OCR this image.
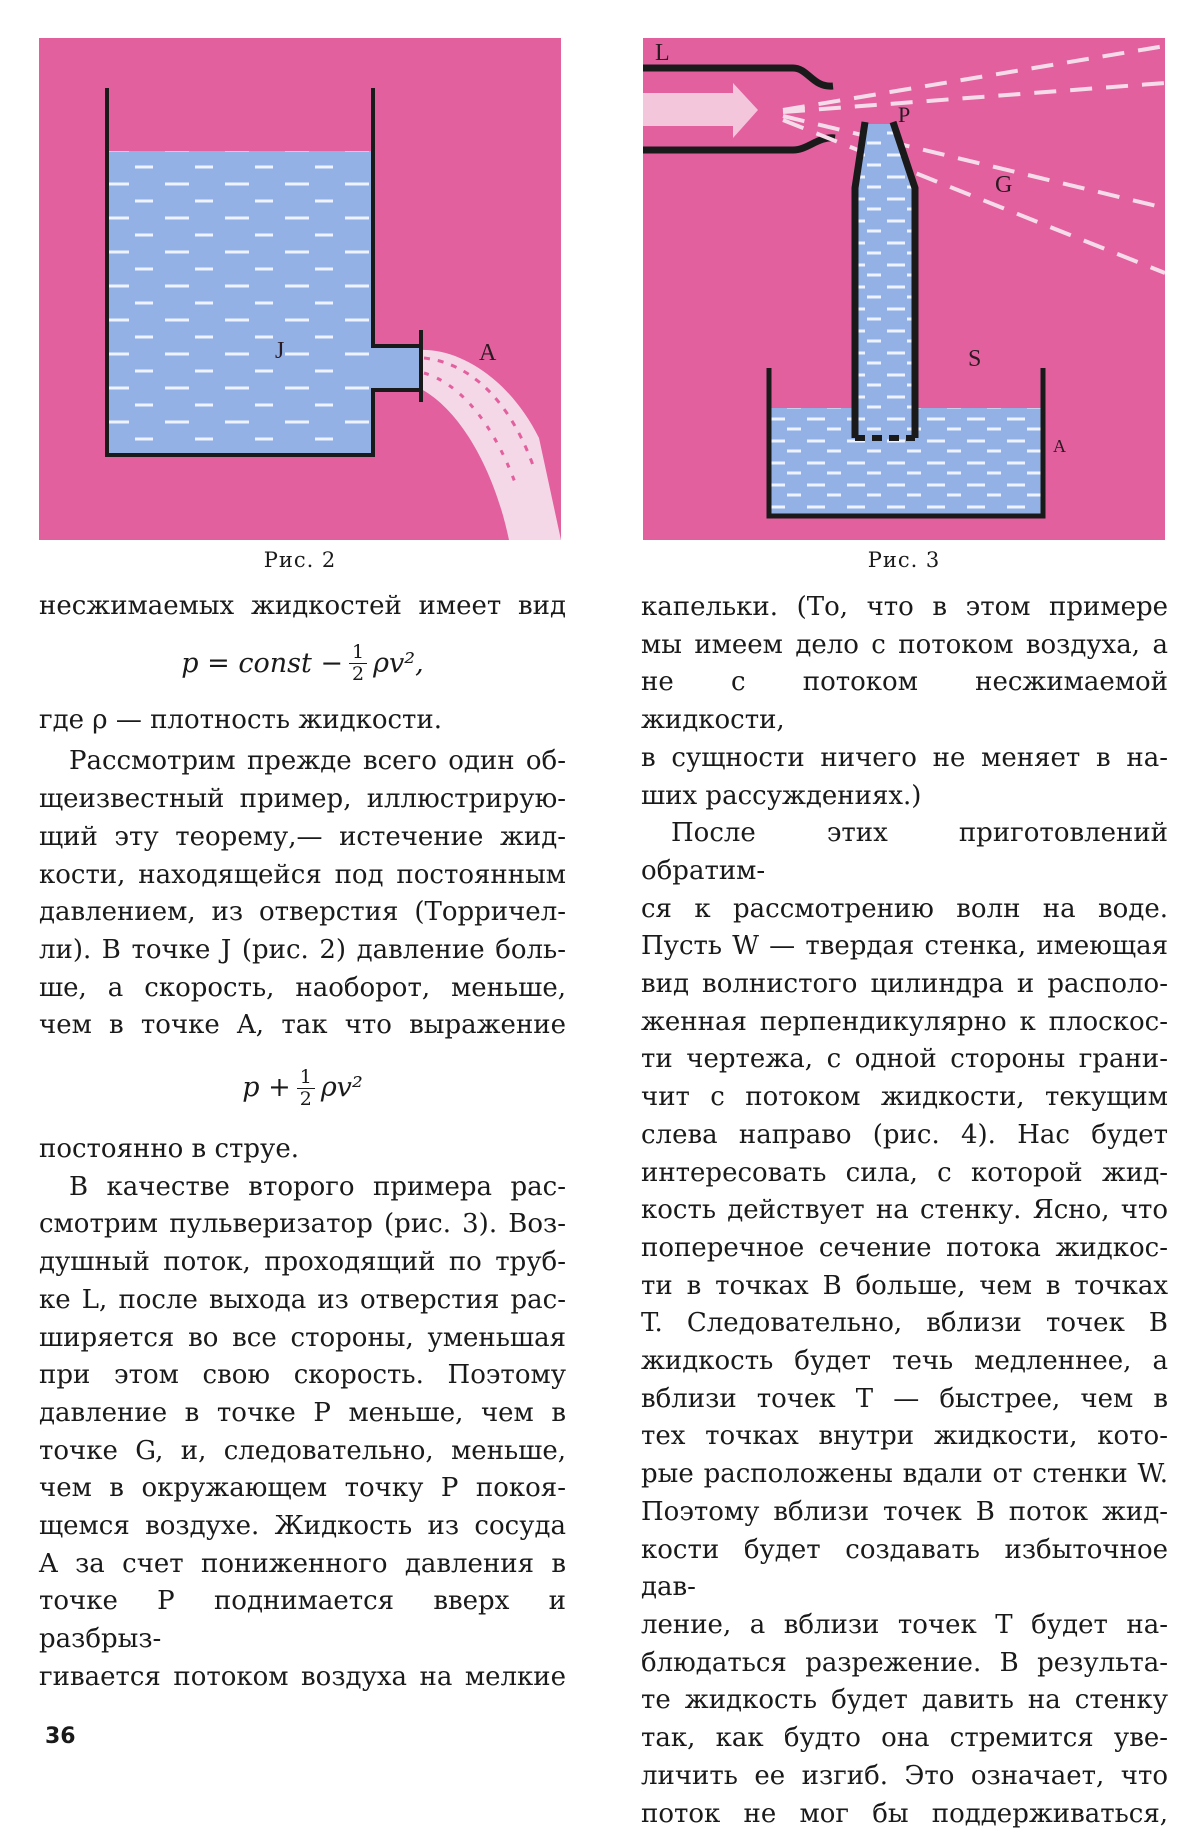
J	A
Рис. 2
L
P
G
S
A
Рис. 3

несжимаемых жидкостей имеет вид

p = const − $\frac{1}{2} \rho v^2$,

где ρ — плотность жидкости.

Рассмотрим прежде всего один об-

щеизвестный пример, иллюстрирую-

щий эту теорему,— истечение жид-

кости, находящейся под постоянным

давлением, из отверстия (Торричел-

ли). В точке J (рис. 2) давление боль-

ше, а скорость, наоборот, меньше,

чем в точке A, так что выражение

$p + \frac{1}{2} \rho v^2$

постоянно в струе.

В качестве второго примера рас-

смотрим пульверизатор (рис. 3). Воз-

душный поток, проходящий по труб-

ке L, после выхода из отверстия рас-

ширяется во все стороны, уменьшая

при этом свою скорость. Поэтому

давление в точке P меньше, чем в

точке G, и, следовательно, меньше,

чем в окружающем точку P покоя-

щемся воздухе. Жидкость из сосуда

A за счет пониженного давления в

точке P поднимается вверх и разбрыз-

гивается потоком воздуха на мелкие

капельки. (То, что в этом примере

мы имеем дело с потоком воздуха, а

не с потоком несжимаемой жидкости,

в сущности ничего не меняет в на-

ших рассуждениях.)

После этих приготовлений обратим-

ся к рассмотрению волн на воде.

Пусть W — твердая стенка, имеющая

вид волнистого цилиндра и располо-

женная перпендикулярно к плоскос-

ти чертежа, с одной стороны грани-

чит с потоком жидкости, текущим

слева направо (рис. 4). Нас будет

интересовать сила, с которой жид-

кость действует на стенку. Ясно, что

поперечное сечение потока жидкос-

ти в точках B больше, чем в точках

T. Следовательно, вблизи точек B

жидкость будет течь медленнее, а

вблизи точек T — быстрее, чем в

тех точках внутри жидкости, кото-

рые расположены вдали от стенки W.

Поэтому вблизи точек B поток жид-

кости будет создавать избыточное дав-

ление, а вблизи точек T будет на-

блюдаться разрежение. В результа-

те жидкость будет давить на стенку

так, как будто она стремится уве-

личить ее изгиб. Это означает, что

поток не мог бы поддерживаться,

36
